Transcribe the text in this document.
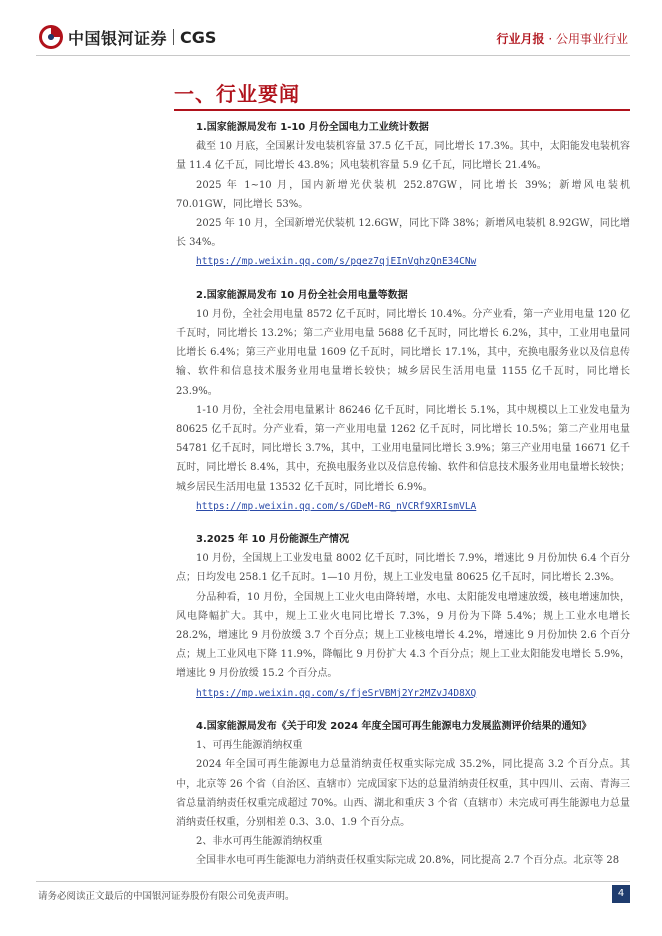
中国银河证券 CGS	行业月报 · 公用事业行业
一、行业要闻
1.国家能源局发布 1-10 月份全国电力工业统计数据

截至 10 月底，全国累计发电装机容量 37.5 亿千瓦，同比增长 17.3%。其中，太阳能发电装机容量 11.4 亿千瓦，同比增长 43.8%；风电装机容量 5.9 亿千瓦，同比增长 21.4%。

2025 年 1~10 月，国内新增光伏装机 252.87GW，同比增长 39%；新增风电装机 70.01GW，同比增长 53%。

2025 年 10 月，全国新增光伏装机 12.6GW，同比下降 38%；新增风电装机 8.92GW，同比增长 34%。

https://mp.weixin.qq.com/s/pgez7qjEInVghzQnE34CNw
2.国家能源局发布 10 月份全社会用电量等数据

10 月份，全社会用电量 8572 亿千瓦时，同比增长 10.4%。分产业看，第一产业用电量 120 亿千瓦时，同比增长 13.2%；第二产业用电量 5688 亿千瓦时，同比增长 6.2%，其中，工业用电量同比增长 6.4%；第三产业用电量 1609 亿千瓦时，同比增长 17.1%，其中，充换电服务业以及信息传输、软件和信息技术服务业用电量增长较快；城乡居民生活用电量 1155 亿千瓦时，同比增长 23.9%。

1-10 月份，全社会用电量累计 86246 亿千瓦时，同比增长 5.1%，其中规模以上工业发电量为 80625 亿千瓦时。分产业看，第一产业用电量 1262 亿千瓦时，同比增长 10.5%；第二产业用电量 54781 亿千瓦时，同比增长 3.7%，其中，工业用电量同比增长 3.9%；第三产业用电量 16671 亿千瓦时，同比增长 8.4%，其中，充换电服务业以及信息传输、软件和信息技术服务业用电量增长较快；城乡居民生活用电量 13532 亿千瓦时，同比增长 6.9%。

https://mp.weixin.qq.com/s/GDeM-RG_nVCRf9XRIsmVLA
3.2025 年 10 月份能源生产情况

10 月份，全国规上工业发电量 8002 亿千瓦时，同比增长 7.9%，增速比 9 月份加快 6.4 个百分点；日均发电 258.1 亿千瓦时。1—10 月份，规上工业发电量 80625 亿千瓦时，同比增长 2.3%。

分品种看，10 月份，全国规上工业火电由降转增，水电、太阳能发电增速放缓，核电增速加快，风电降幅扩大。其中，规上工业火电同比增长 7.3%，9 月份为下降 5.4%；规上工业水电增长 28.2%，增速比 9 月份放缓 3.7 个百分点；规上工业核电增长 4.2%，增速比 9 月份加快 2.6 个百分点；规上工业风电下降 11.9%，降幅比 9 月份扩大 4.3 个百分点；规上工业太阳能发电增长 5.9%，增速比 9 月份放缓 15.2 个百分点。

https://mp.weixin.qq.com/s/fjeSrVBMj2Yr2MZvJ4D8XQ
4.国家能源局发布《关于印发 2024 年度全国可再生能源电力发展监测评价结果的通知》

1、可再生能源消纳权重

2024 年全国可再生能源电力总量消纳责任权重实际完成 35.2%，同比提高 3.2 个百分点。其中，北京等 26 个省（自治区、直辖市）完成国家下达的总量消纳责任权重，其中四川、云南、青海三省总量消纳责任权重完成超过 70%。山西、湖北和重庆 3 个省（直辖市）未完成可再生能源电力总量消纳责任权重，分别相差 0.3、3.0、1.9 个百分点。

2、非水可再生能源消纳权重

全国非水电可再生能源电力消纳责任权重实际完成 20.8%，同比提高 2.7 个百分点。北京等 28

请务必阅读正文最后的中国银河证券股份有限公司免责声明。	4
